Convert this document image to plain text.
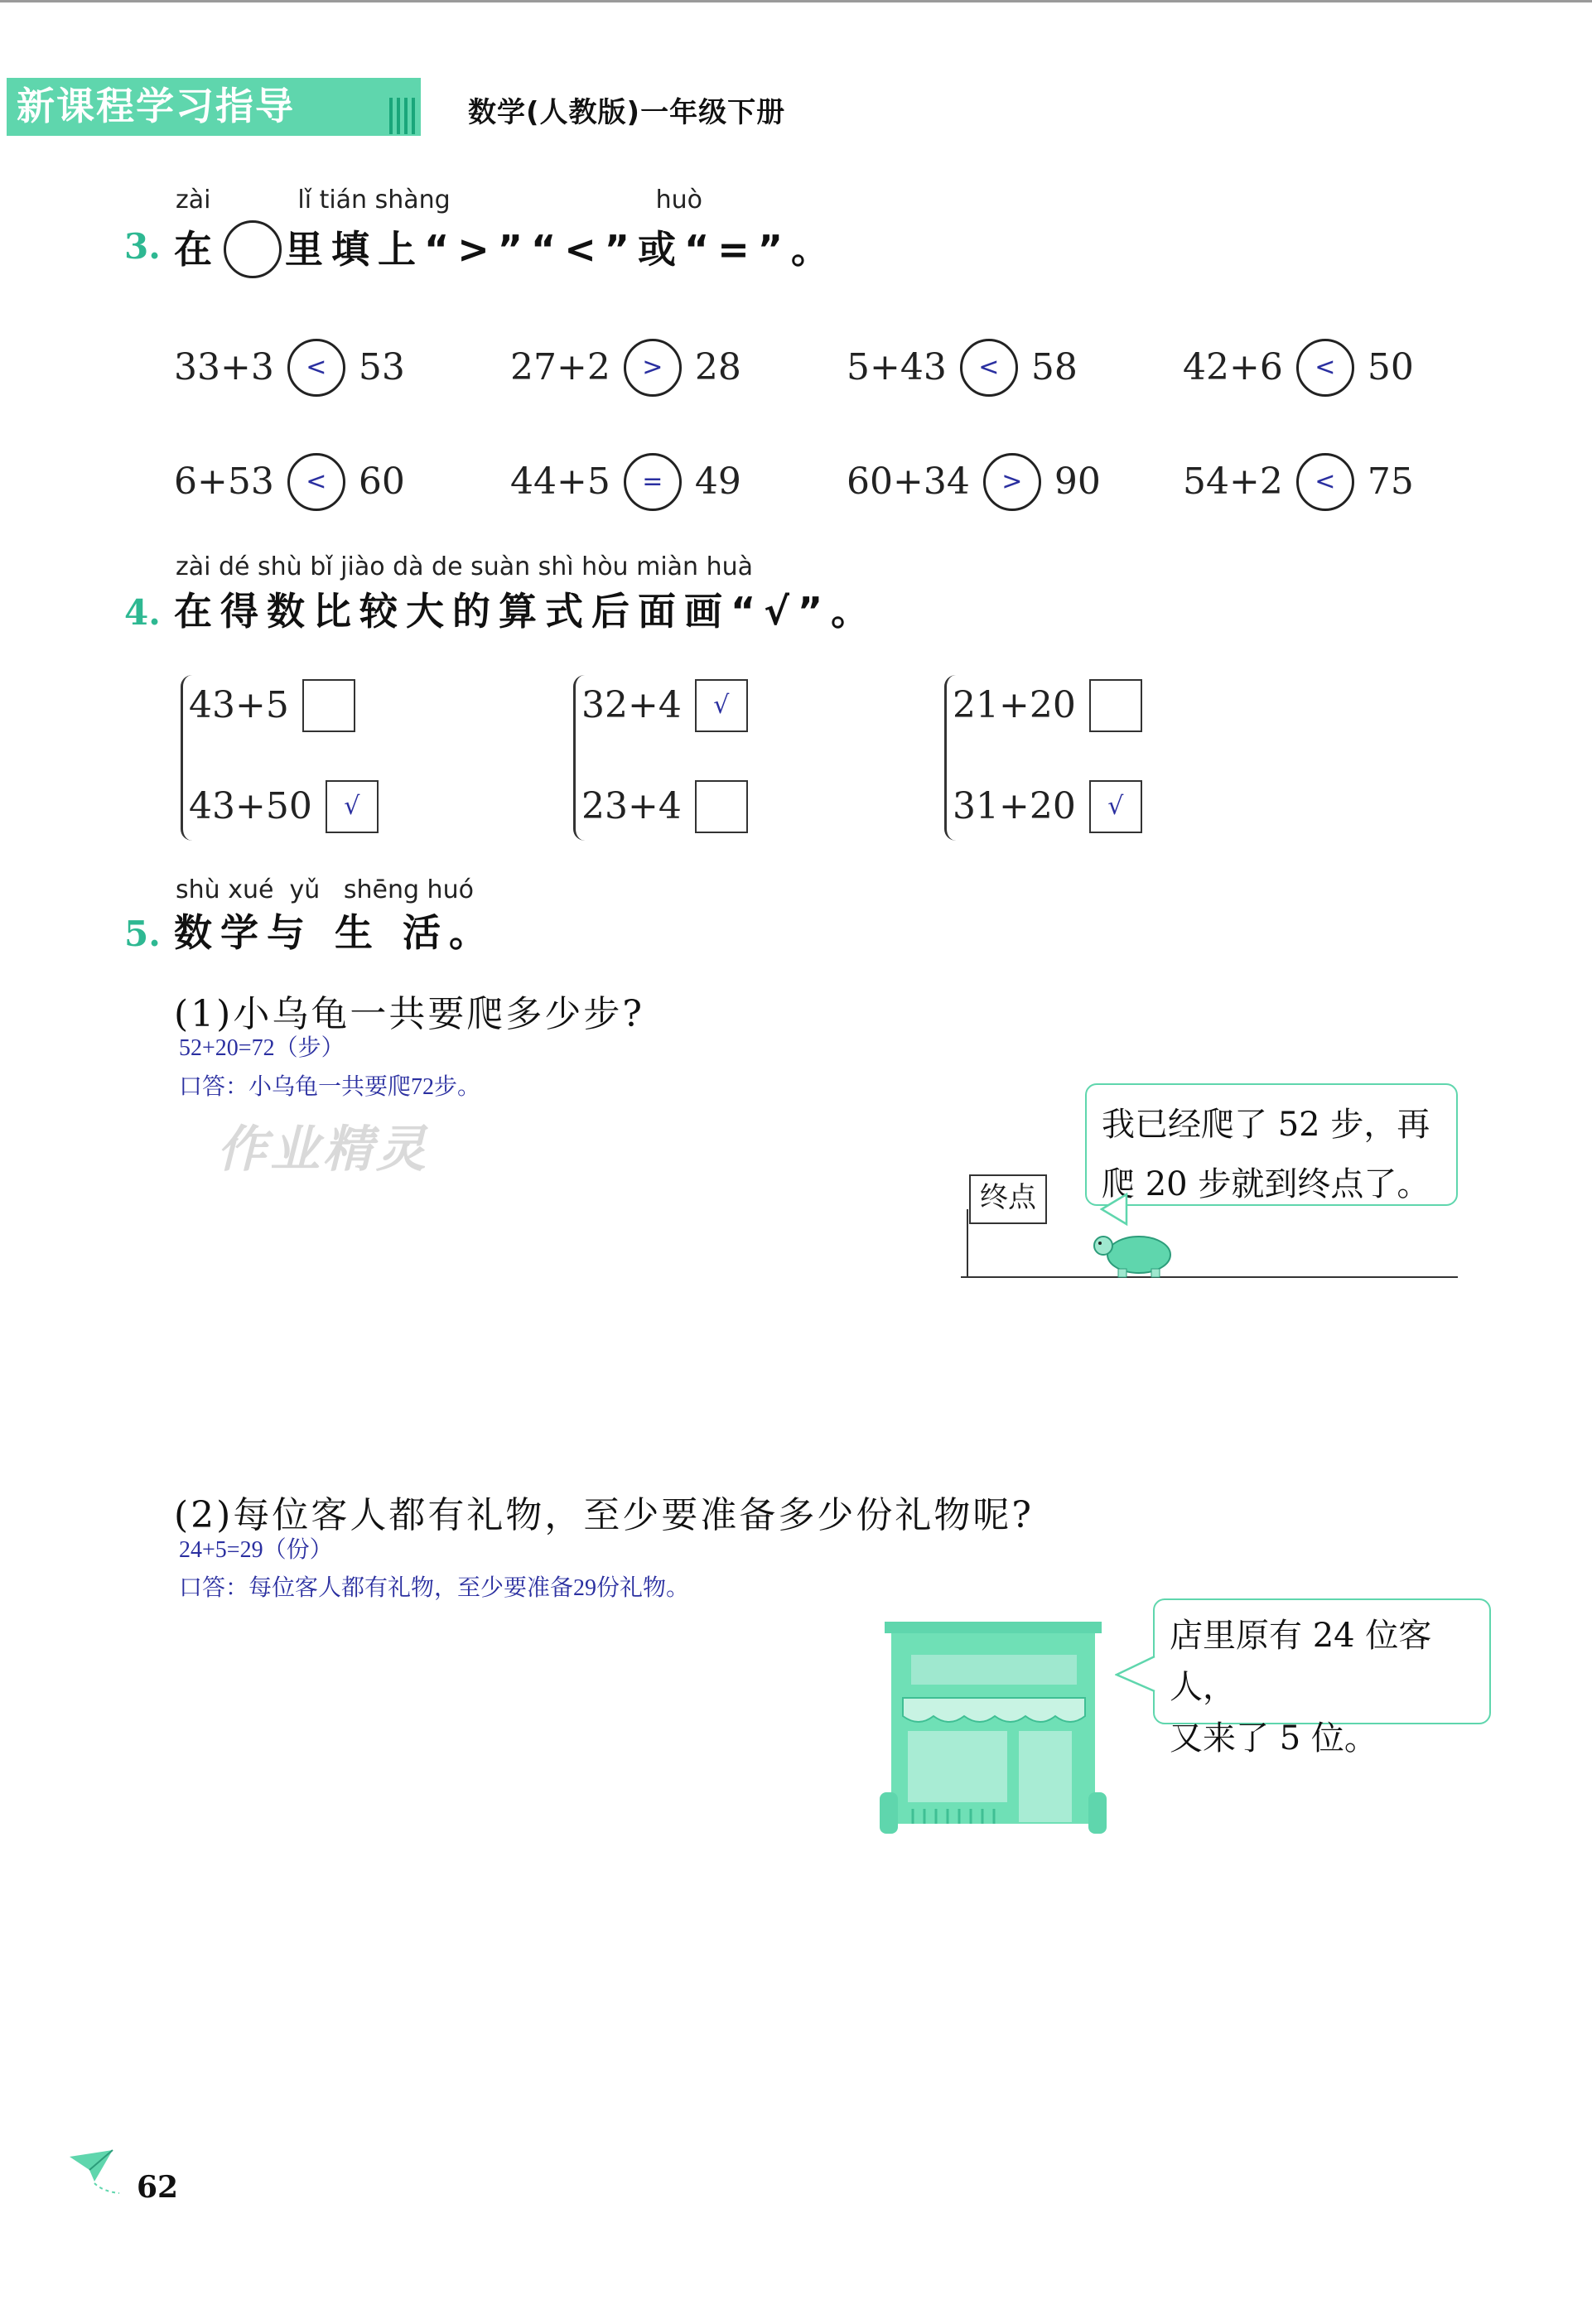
新课程学习指导	数学(人教版)一年级下册
zài           lǐ tián shàng                          huò
3. 在 里填上“>”“<”或“=”。
33+3	< 53	27+2	> 28	5+43	< 58	42+6	< 50
6+53	< 60	44+5	= 49	60+34	> 90 54+2	< 75
zài dé shù bǐ jiào dà de suàn shì hòu miàn huà
4. 在得数比较大的算式后面画“√”。
43+5
43+50	√
32+4	√
23+4
21+20
31+20	√
shù xué  yǔ   shēng huó
5. 数学与 生 活。
(1)小乌龟一共要爬多少步?
52+20=72（步）
口答：小乌龟一共要爬72步。
作业精灵	我已经爬了 52 步，再
爬 20 步就到终点了。
终点
(2)每位客人都有礼物，至少要准备多少份礼物呢?
24+5=29（份）
口答：每位客人都有礼物，至少要准备29份礼物。
店里原有 24 位客人，
又来了 5 位。
62
